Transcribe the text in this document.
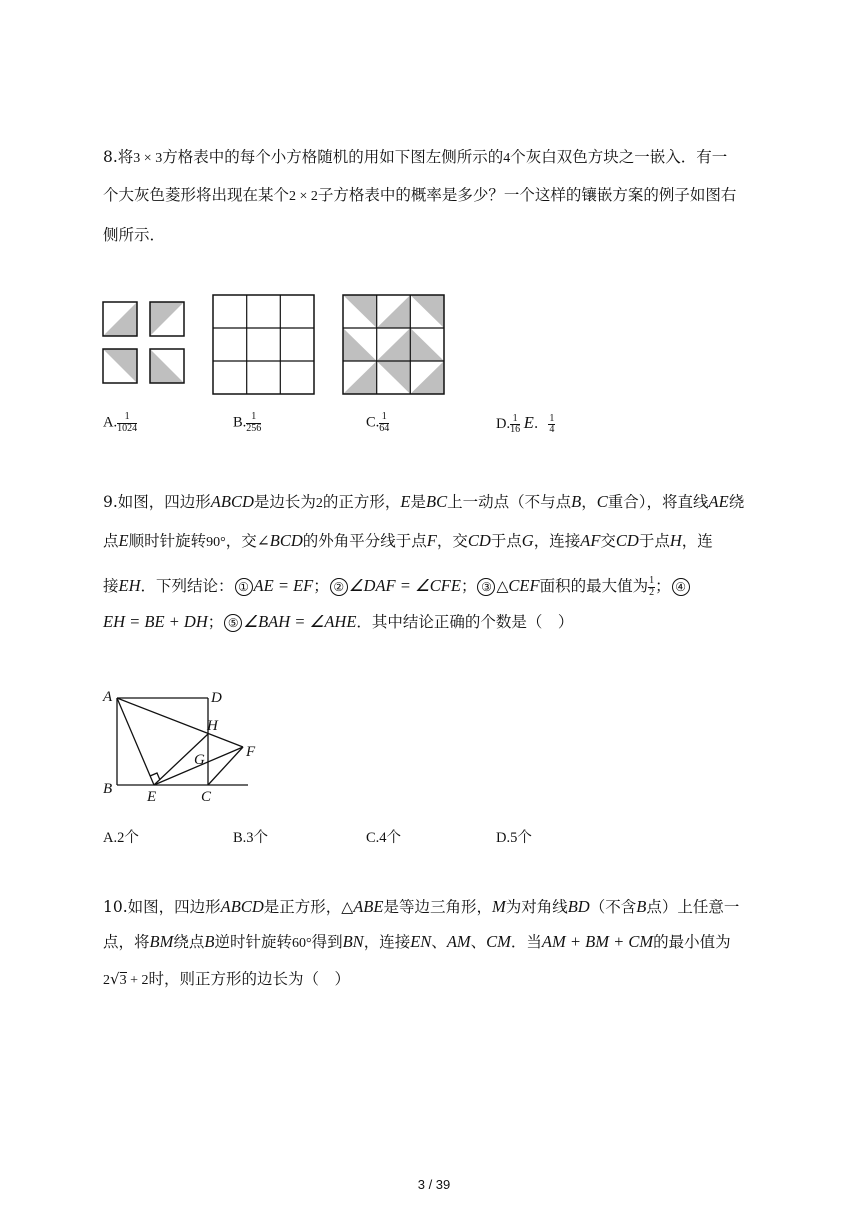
8.将3 × 3方格表中的每个小方格随机的用如下图左侧所示的4个灰白双色方块之一嵌入．有一
个大灰色菱形将出现在某个2 × 2子方格表中的概率是多少？一个这样的镶嵌方案的例子如图右
侧所示．
A. $\frac{1}{1024}$	B. $\frac{1}{256}$	C. $\frac{1}{64}$	D. $\frac{1}{16}$ E． $\frac{1}{4}$
9.如图，四边形ABCD是边长为2的正方形，E是BC上一动点（不与点B，C重合），将直线AE绕
点E顺时针旋转90°，交∠BCD的外角平分线于点F，交CD于点G，连接AF交CD于点H，连
接EH．下列结论： ① AE = EF； ② ∠DAF = ∠CFE； ③ △CEF面积的最大值为 $\frac{1}{2}$ ； ④
EH = BE + DH； ⑤ ∠BAH = ∠AHE．其中结论正确的个数是（　）
A	D
H
G	F
B E	C
A.2个	B.3个	C.4个	D.5个
10.如图，四边形ABCD是正方形，△ABE是等边三角形，M为对角线BD（不含B点）上任意一
点，将BM绕点B逆时针旋转60°得到BN，连接EN、AM、CM．当AM + BM + CM的最小值为
2√3 + 2时，则正方形的边长为（　）
3 / 39
